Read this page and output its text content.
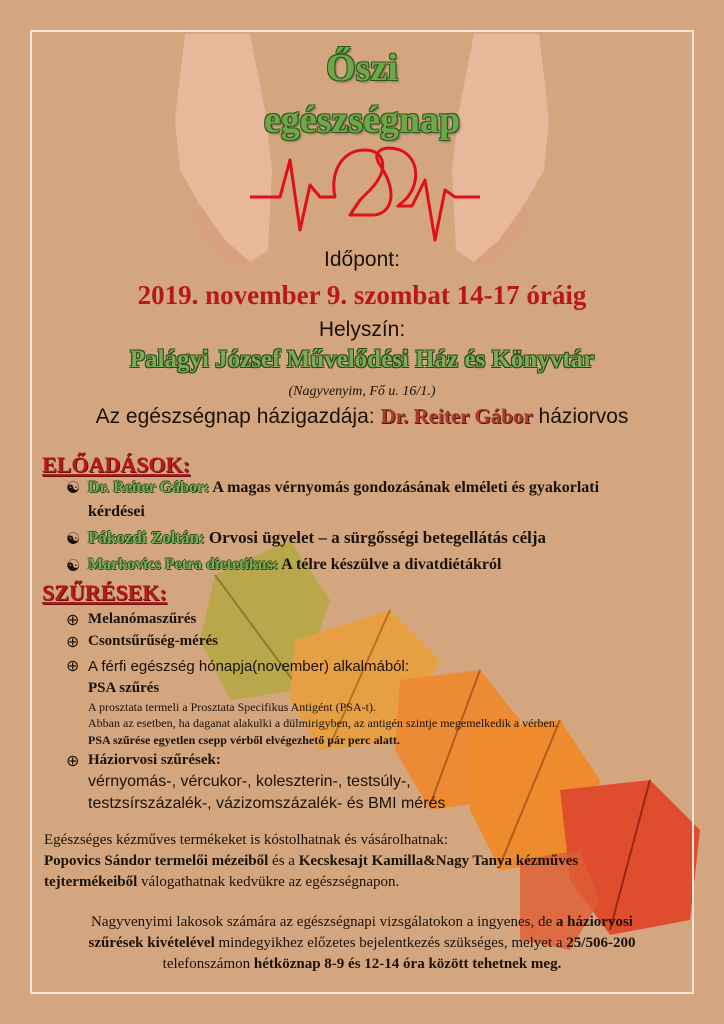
Őszi
egészségnap
Időpont:
2019. november 9. szombat 14-17 óráig
Helyszín:
Palágyi József Művelődési Ház és Könyvtár
(Nagyvenyim, Fő u. 16/1.)
Az egészségnap házigazdája: Dr. Reiter Gábor háziorvos
ELŐADÁSOK:
☯ Dr. Reiter Gábor: A magas vérnyomás gondozásának elméleti és gyakorlati
kérdései
☯ Pákozdi Zoltán: Orvosi ügyelet – a sürgősségi betegellátás célja
☯ Markovics Petra dietetikus: A télre készülve a divatdiétákról
SZŰRÉSEK:
⊕ Melanómaszűrés
⊕ Csontsűrűség-mérés
⊕ A férfi egészség hónapja(november) alkalmából:
PSA szűrés
A prosztata termeli a Prosztata Specifikus Antigént (PSA-t).
Abban az esetben, ha daganat alakulki a dülmirigyben, az antigén szintje megemelkedik a vérben.
PSA szűrése egyetlen csepp vérből elvégezhető pár perc alatt.
⊕ Háziorvosi szűrések:
vérnyomás-, vércukor-, koleszterin-, testsúly-,
testzsírszázalék-, vázizomszázalék- és BMI mérés
Egészséges kézműves termékeket is kóstolhatnak és vásárolhatnak:
Popovics Sándor termelői mézeiből és a Kecskesajt Kamilla&Nagy Tanya kézműves
tejtermékeiből válogathatnak kedvükre az egészségnapon.
Nagyvenyimi lakosok számára az egészségnapi vizsgálatokon a ingyenes, de a háziorvosi
szűrések kivételével mindegyikhez előzetes bejelentkezés szükséges, melyet a 25/506-200
telefonszámon hétköznap 8-9 és 12-14 óra között tehetnek meg.
